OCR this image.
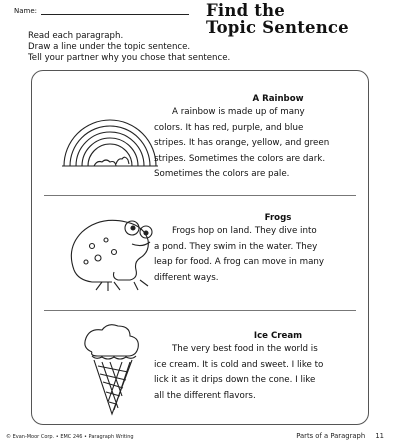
Name:	Find the
Topic Sentence
Read each paragraph.
Draw a line under the topic sentence.
Tell your partner why you chose that sentence.
A Rainbow
A rainbow is made up of many
colors. It has red, purple, and blue
stripes. It has orange, yellow, and green
stripes. Sometimes the colors are dark.
Sometimes the colors are pale.
Frogs
Frogs hop on land. They dive into
a pond. They swim in the water. They
leap for food. A frog can move in many
different ways.
Ice Cream
The very best food in the world is
ice cream. It is cold and sweet. I like to
lick it as it drips down the cone. I like
all the different flavors.
© Evan-Moor Corp. • EMC 246 • Paragraph Writing	Parts of a Paragraph 11
